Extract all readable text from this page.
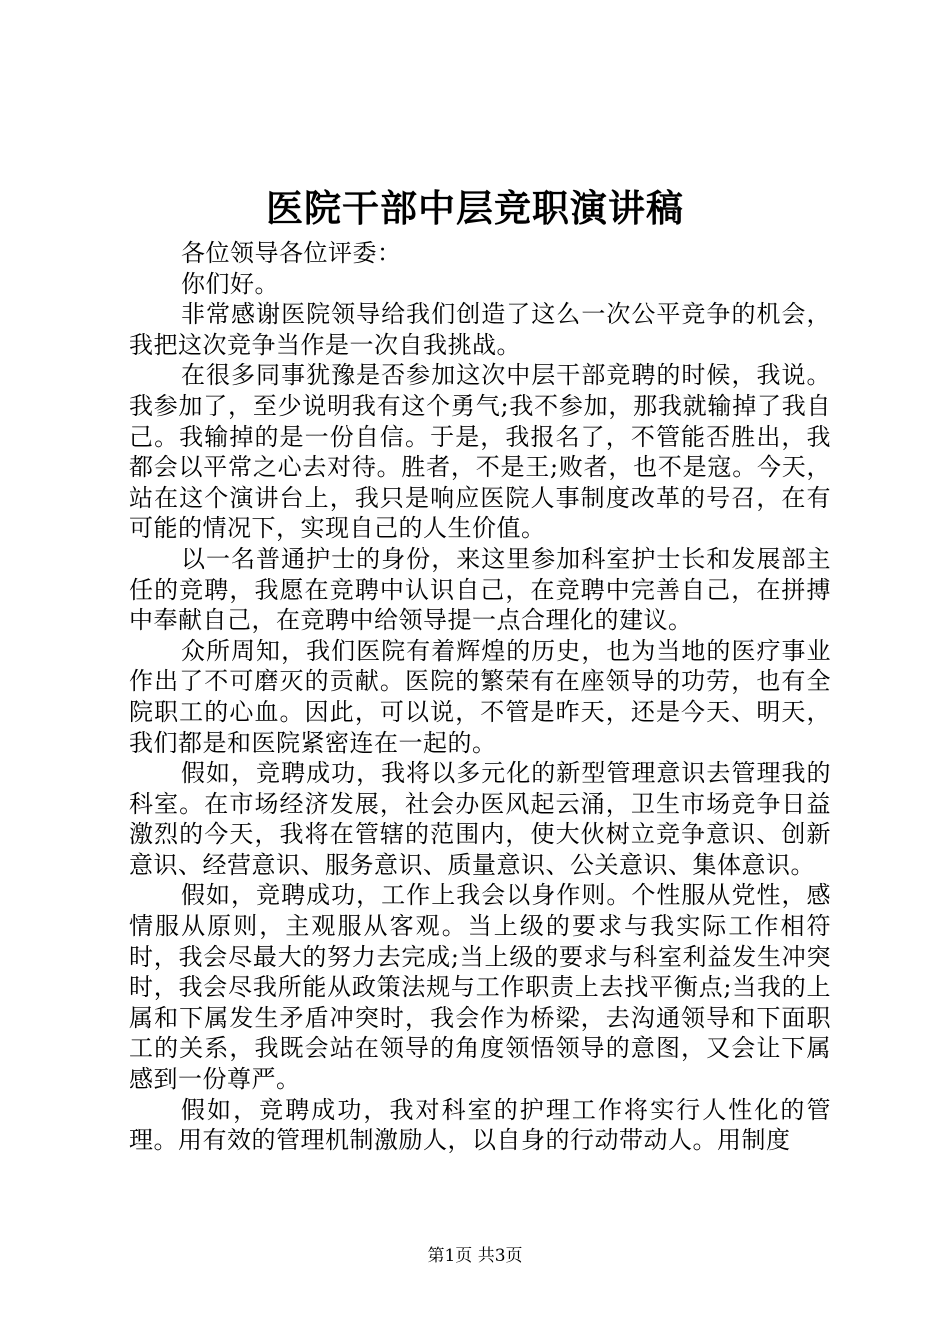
医院干部中层竞职演讲稿

各位领导各位评委：

你们好。

非常感谢医院领导给我们创造了这么一次公平竞争的机会，我把这次竞争当作是一次自我挑战。

在很多同事犹豫是否参加这次中层干部竞聘的时候，我说。我参加了，至少说明我有这个勇气;我不参加，那我就输掉了我自己。我输掉的是一份自信。于是，我报名了，不管能否胜出，我都会以平常之心去对待。胜者，不是王;败者，也不是寇。今天，站在这个演讲台上，我只是响应医院人事制度改革的号召，在有可能的情况下，实现自己的人生价值。

以一名普通护士的身份，来这里参加科室护士长和发展部主任的竞聘，我愿在竞聘中认识自己，在竞聘中完善自己，在拼搏中奉献自己，在竞聘中给领导提一点合理化的建议。

众所周知，我们医院有着辉煌的历史，也为当地的医疗事业作出了不可磨灭的贡献。医院的繁荣有在座领导的功劳，也有全院职工的心血。因此，可以说，不管是昨天，还是今天、明天，我们都是和医院紧密连在一起的。

假如，竞聘成功，我将以多元化的新型管理意识去管理我的科室。在市场经济发展，社会办医风起云涌，卫生市场竞争日益激烈的今天，我将在管辖的范围内，使大伙树立竞争意识、创新意识、经营意识、服务意识、质量意识、公关意识、集体意识。

假如，竞聘成功，工作上我会以身作则。个性服从党性，感情服从原则，主观服从客观。当上级的要求与我实际工作相符时，我会尽最大的努力去完成;当上级的要求与科室利益发生冲突时，我会尽我所能从政策法规与工作职责上去找平衡点;当我的上属和下属发生矛盾冲突时，我会作为桥梁，去沟通领导和下面职工的关系，我既会站在领导的角度领悟领导的意图，又会让下属感到一份尊严。

假如，竞聘成功，我对科室的护理工作将实行人性化的管理。用有效的管理机制激励人，以自身的行动带动人。用制度

第1页 共3页
